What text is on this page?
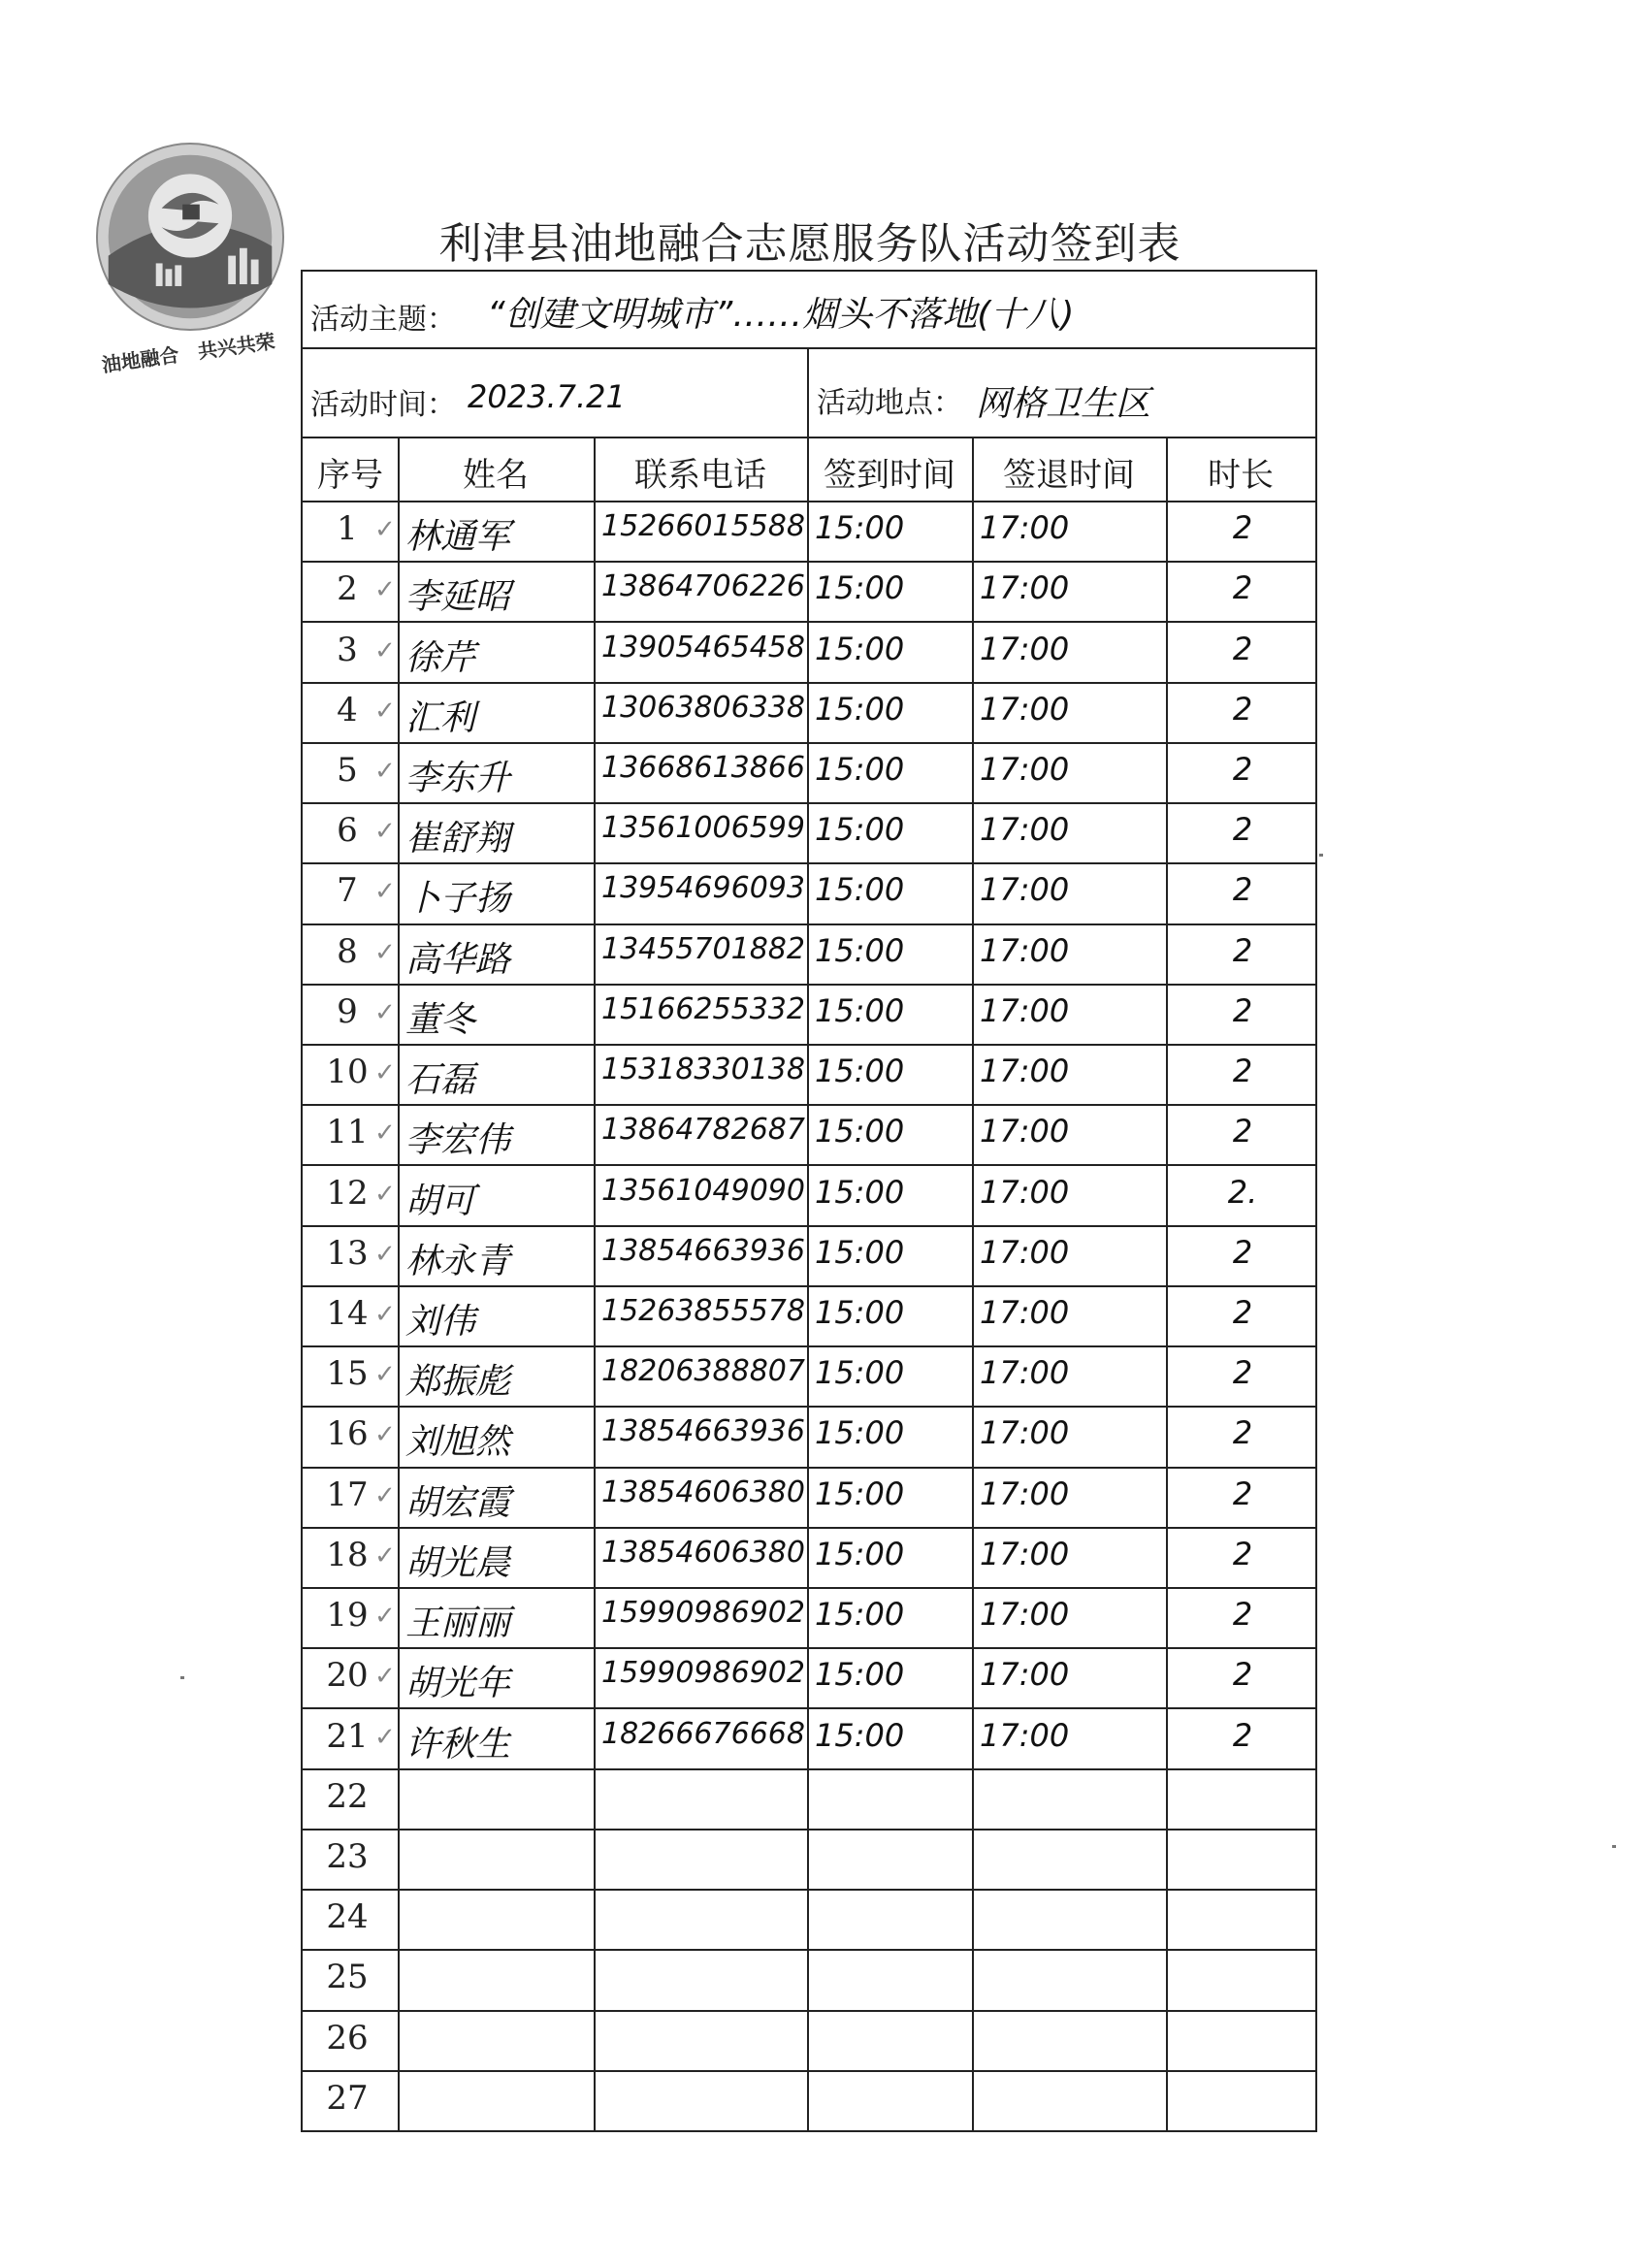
油地融合　共兴共荣
利津县油地融合志愿服务队活动签到表
活动主题： “创建文明城市”……烟头不落地(十八)
活动时间： 2023.7.21	活动地点： 网格卫生区
序号	姓名	联系电话	签到时间	签退时间	时长
1	林通军	15266015588 15:00	17:00	2
✓
2	李延昭	13864706226 15:00	17:00	2
✓
3	徐芹	13905465458 15:00	17:00	2
✓
4	汇利	13063806338 15:00	17:00	2
✓
5	李东升	13668613866 15:00	17:00	2
✓
6	崔舒翔	13561006599 15:00	17:00	2
✓
7	卜子扬	13954696093 15:00	17:00	2
✓
8	高华路	13455701882 15:00	17:00	2
✓
9	董冬	15166255332 15:00	17:00	2
✓
10	石磊	15318330138 15:00	17:00	2
✓
11	李宏伟	13864782687 15:00	17:00	2
✓
12	胡可	13561049090 15:00	17:00	2.
✓
13	林永青	13854663936 15:00	17:00	2
✓
14	刘伟	15263855578 15:00	17:00	2
✓
15	郑振彪	18206388807 15:00	17:00	2
✓
16	刘旭然	13854663936 15:00	17:00	2
✓
17	胡宏霞	13854606380 15:00	17:00	2
✓
18	胡光晨	13854606380 15:00	17:00	2
✓
19	王丽丽	15990986902 15:00	17:00	2
✓
20	胡光年	15990986902 15:00	17:00	2
✓
21	许秋生	18266676668 15:00	17:00	2
✓
22
23
24
25
26
27
